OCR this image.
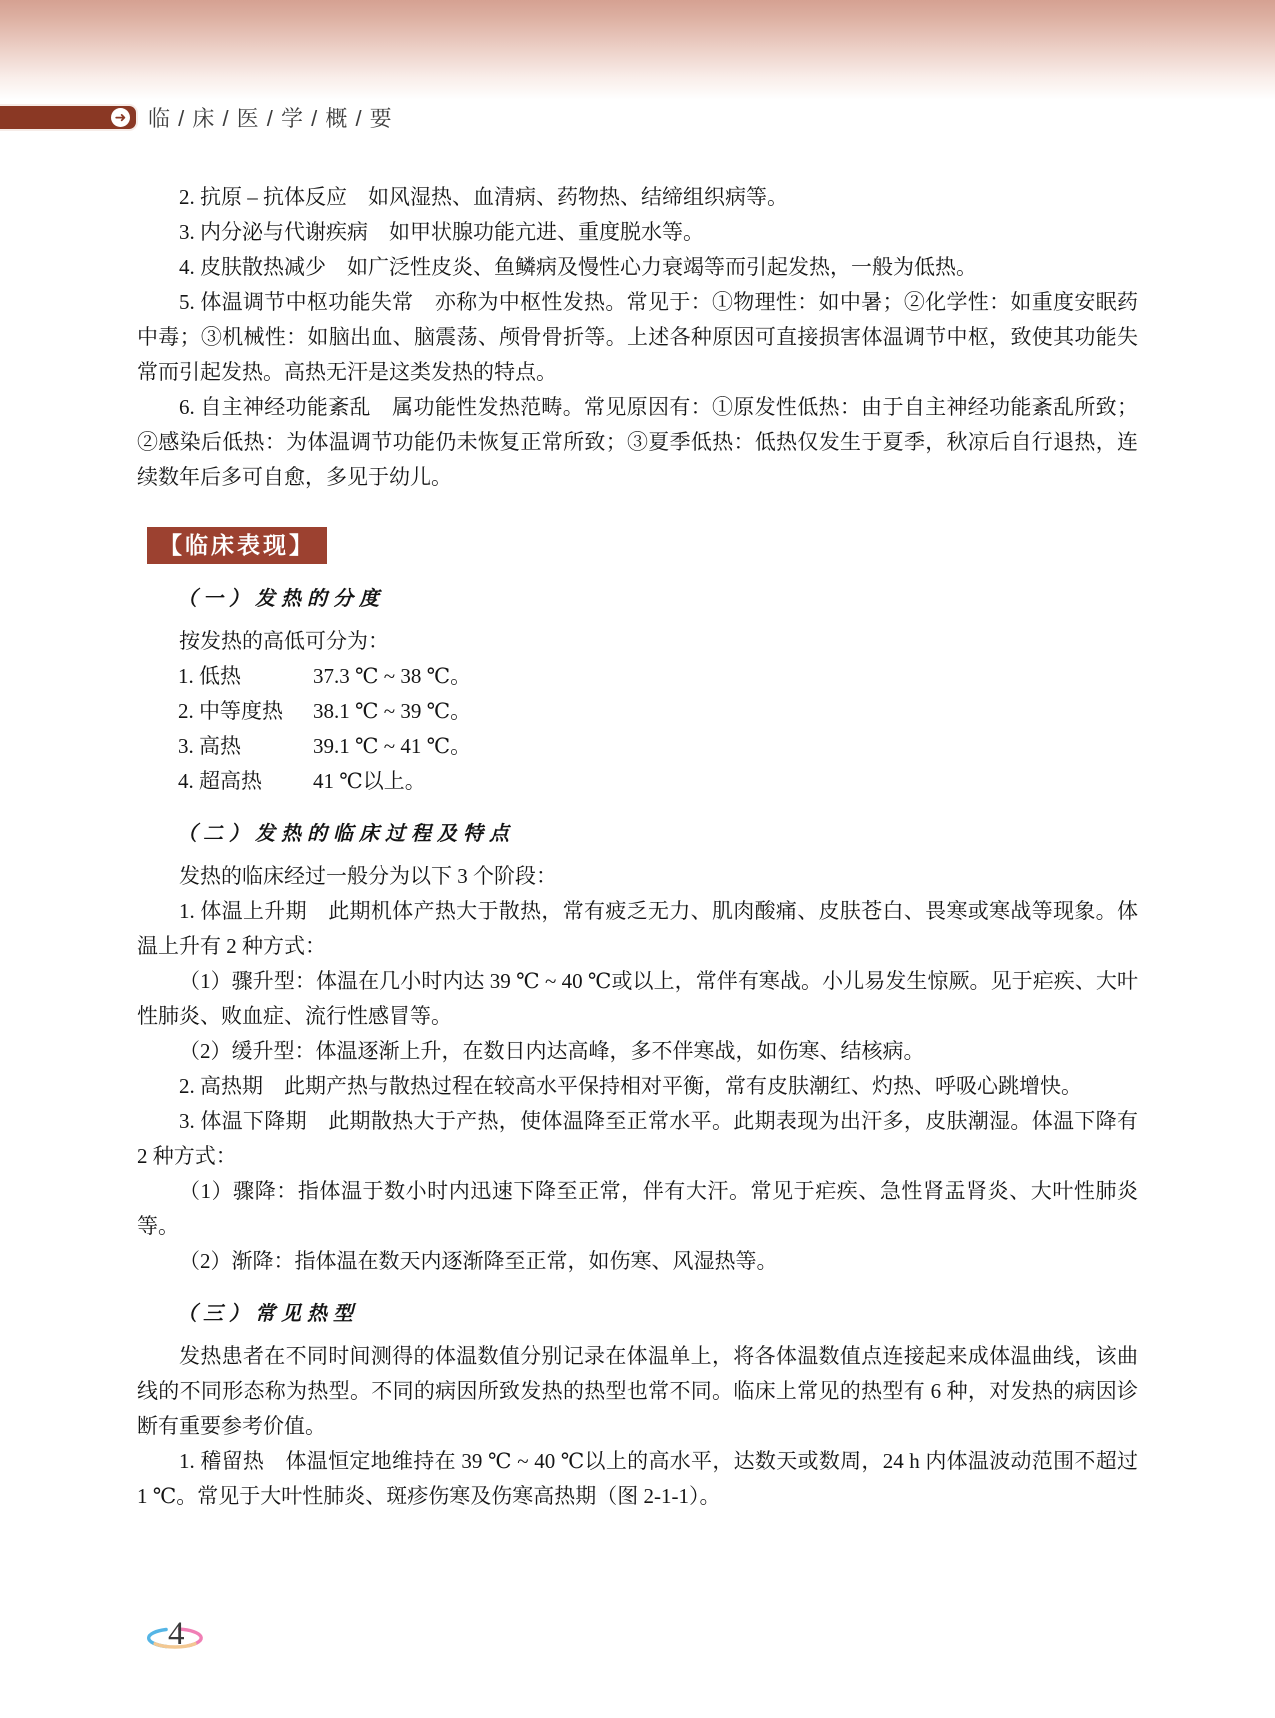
➜ 临 / 床 / 医 / 学 / 概 / 要

2. 抗原 – 抗体反应　如风湿热、血清病、药物热、结缔组织病等。

3. 内分泌与代谢疾病　如甲状腺功能亢进、重度脱水等。

4. 皮肤散热减少　如广泛性皮炎、鱼鳞病及慢性心力衰竭等而引起发热，一般为低热。

5. 体温调节中枢功能失常　亦称为中枢性发热。常见于：①物理性：如中暑；②化学性：如重度安眠药中毒；③机械性：如脑出血、脑震荡、颅骨骨折等。上述各种原因可直接损害体温调节中枢，致使其功能失常而引起发热。高热无汗是这类发热的特点。

6. 自主神经功能紊乱　属功能性发热范畴。常见原因有：①原发性低热：由于自主神经功能紊乱所致；②感染后低热：为体温调节功能仍未恢复正常所致；③夏季低热：低热仅发生于夏季，秋凉后自行退热，连续数年后多可自愈，多见于幼儿。

【临床表现】
（一）发热的分度

按发热的高低可分为：

1. 低热	37.3 ℃ ~ 38 ℃。
2. 中等度热	38.1 ℃ ~ 39 ℃。
3. 高热	39.1 ℃ ~ 41 ℃。
4. 超高热	41 ℃以上。
（二）发热的临床过程及特点

发热的临床经过一般分为以下 3 个阶段：

1. 体温上升期　此期机体产热大于散热，常有疲乏无力、肌肉酸痛、皮肤苍白、畏寒或寒战等现象。体温上升有 2 种方式：

（1）骤升型：体温在几小时内达 39 ℃ ~ 40 ℃或以上，常伴有寒战。小儿易发生惊厥。见于疟疾、大叶性肺炎、败血症、流行性感冒等。

（2）缓升型：体温逐渐上升，在数日内达高峰，多不伴寒战，如伤寒、结核病。

2. 高热期　此期产热与散热过程在较高水平保持相对平衡，常有皮肤潮红、灼热、呼吸心跳增快。

3. 体温下降期　此期散热大于产热，使体温降至正常水平。此期表现为出汗多，皮肤潮湿。体温下降有 2 种方式：

（1）骤降：指体温于数小时内迅速下降至正常，伴有大汗。常见于疟疾、急性肾盂肾炎、大叶性肺炎等。

（2）渐降：指体温在数天内逐渐降至正常，如伤寒、风湿热等。

（三）常见热型

发热患者在不同时间测得的体温数值分别记录在体温单上，将各体温数值点连接起来成体温曲线，该曲线的不同形态称为热型。不同的病因所致发热的热型也常不同。临床上常见的热型有 6 种，对发热的病因诊断有重要参考价值。

1. 稽留热　体温恒定地维持在 39 ℃ ~ 40 ℃以上的高水平，达数天或数周，24 h 内体温波动范围不超过 1 ℃。常见于大叶性肺炎、斑疹伤寒及伤寒高热期（图 2-1-1）。

4
